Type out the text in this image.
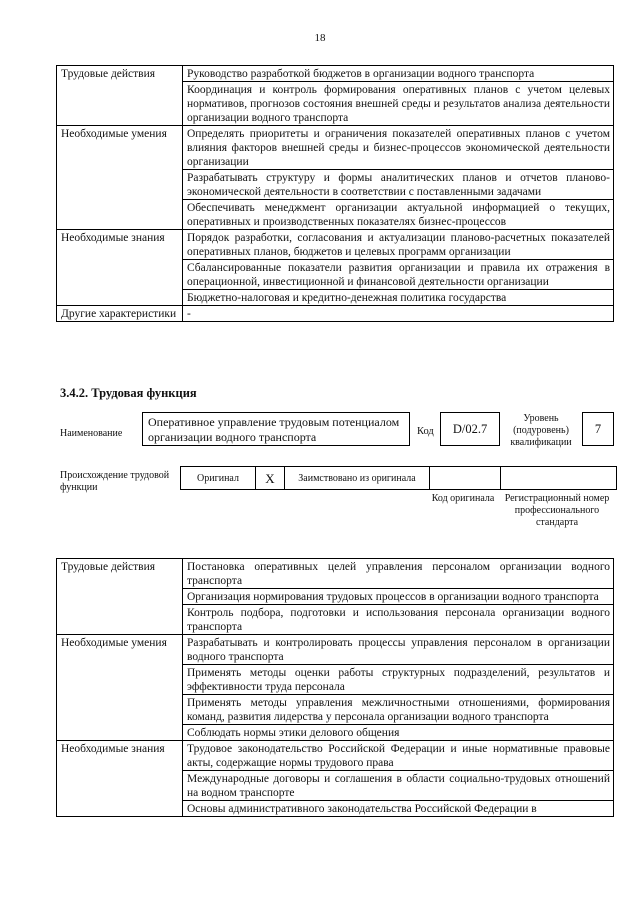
18
Трудовые действия	Руководство разработкой бюджетов в организации водного транспорта
	Координация и контроль формирования оперативных планов с учетом целевых нормативов, прогнозов состояния внешней среды и результатов анализа деятельности организации водного транспорта
Необходимые умения	Определять приоритеты и ограничения показателей оперативных планов с учетом влияния факторов внешней среды и бизнес-процессов экономической деятельности организации
	Разрабатывать структуру и формы аналитических планов и отчетов планово-экономической деятельности в соответствии с поставленными задачами
	Обеспечивать менеджмент организации актуальной информацией о текущих, оперативных и производственных показателях бизнес-процессов
Необходимые знания	Порядок разработки, согласования и актуализации планово-расчетных показателей оперативных планов, бюджетов и целевых программ организации
	Сбалансированные показатели развития организации и правила их отражения в операционной, инвестиционной и финансовой деятельности организации
	Бюджетно-налоговая и кредитно-денежная политика государства
Другие характеристики	-
3.4.2. Трудовая функция
Наименование
Оперативное управление трудовым потенциалом организации водного транспорта	Код	D/02.7
Уровень (подуровень) квалификации
7
Происхождение трудовой функции
Оригинал	X	Заимствовано из оригинала
Код оригинала	Регистрационный номер профессионального стандарта
Трудовые действия	Постановка оперативных целей управления персоналом организации водного транспорта
	Организация нормирования трудовых процессов в организации водного транспорта
	Контроль подбора, подготовки и использования персонала организации водного транспорта
Необходимые умения	Разрабатывать и контролировать процессы управления персоналом в организации водного транспорта
	Применять методы оценки работы структурных подразделений, результатов и эффективности труда персонала
	Применять методы управления межличностными отношениями, формирования команд, развития лидерства у персонала организации водного транспорта
	Соблюдать нормы этики делового общения
Необходимые знания	Трудовое законодательство Российской Федерации и иные нормативные правовые акты, содержащие нормы трудового права
	Международные договоры и соглашения в области социально-трудовых отношений на водном транспорте
	Основы административного законодательства Российской Федерации в
